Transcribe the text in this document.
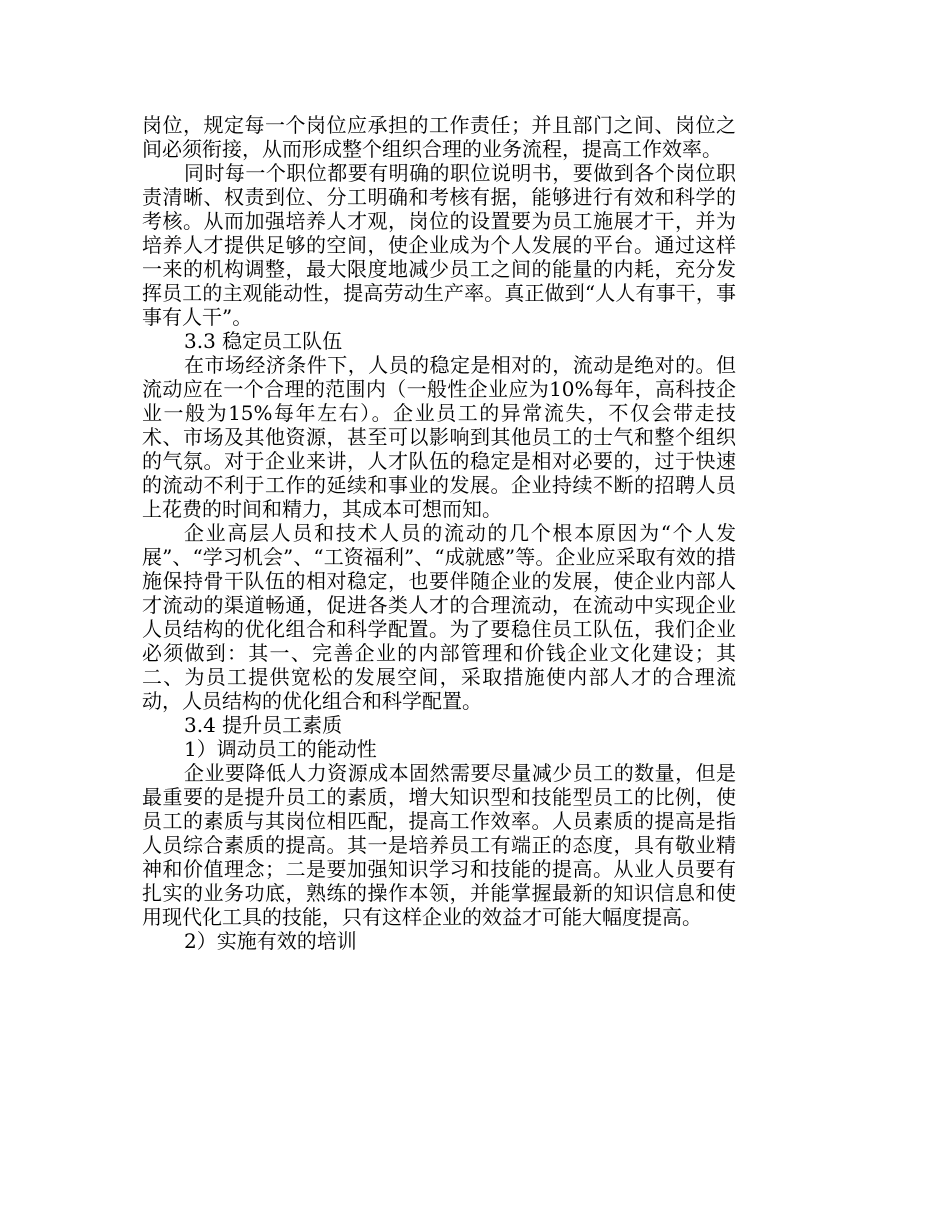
岗位，规定每一个岗位应承担的工作责任；并且部门之间、岗位之间必须衔接，从而形成整个组织合理的业务流程，提高工作效率。

同时每一个职位都要有明确的职位说明书，要做到各个岗位职责清晰、权责到位、分工明确和考核有据，能够进行有效和科学的考核。从而加强培养人才观，岗位的设置要为员工施展才干，并为培养人才提供足够的空间，使企业成为个人发展的平台。通过这样一来的机构调整，最大限度地减少员工之间的能量的内耗，充分发挥员工的主观能动性，提高劳动生产率。真正做到“人人有事干，事事有人干”。

3.3 稳定员工队伍

在市场经济条件下，人员的稳定是相对的，流动是绝对的。但流动应在一个合理的范围内（一般性企业应为10%每年，高科技企业一般为15%每年左右）。企业员工的异常流失，不仅会带走技术、市场及其他资源，甚至可以影响到其他员工的士气和整个组织的气氛。对于企业来讲，人才队伍的稳定是相对必要的，过于快速的流动不利于工作的延续和事业的发展。企业持续不断的招聘人员上花费的时间和精力，其成本可想而知。

企业高层人员和技术人员的流动的几个根本原因为“个人发展”、“学习机会”、“工资福利”、“成就感”等。企业应采取有效的措施保持骨干队伍的相对稳定，也要伴随企业的发展，使企业内部人才流动的渠道畅通，促进各类人才的合理流动，在流动中实现企业人员结构的优化组合和科学配置。为了要稳住员工队伍，我们企业必须做到：其一、完善企业的内部管理和价钱企业文化建设；其二、为员工提供宽松的发展空间，采取措施使内部人才的合理流动，人员结构的优化组合和科学配置。

3.4 提升员工素质

1）调动员工的能动性

企业要降低人力资源成本固然需要尽量减少员工的数量，但是最重要的是提升员工的素质，增大知识型和技能型员工的比例，使员工的素质与其岗位相匹配，提高工作效率。人员素质的提高是指人员综合素质的提高。其一是培养员工有端正的态度，具有敬业精神和价值理念；二是要加强知识学习和技能的提高。从业人员要有扎实的业务功底，熟练的操作本领，并能掌握最新的知识信息和使用现代化工具的技能，只有这样企业的效益才可能大幅度提高。

2）实施有效的培训
